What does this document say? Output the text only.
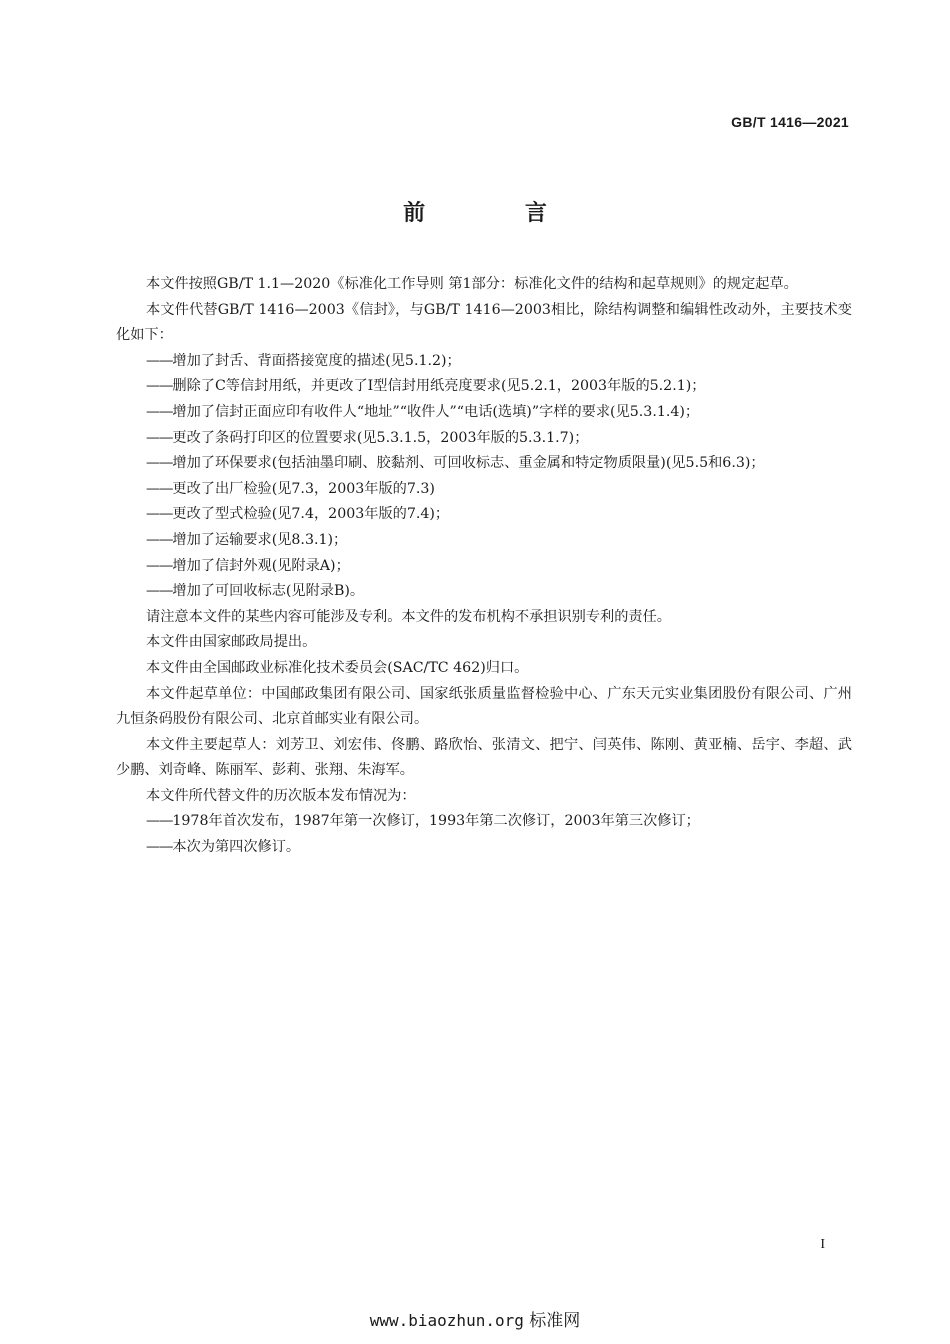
GB/T 1416—2021
前 言

本文件按照GB/T 1.1—2020《标准化工作导则 第1部分：标准化文件的结构和起草规则》的规定起草。

本文件代替GB/T 1416—2003《信封》，与GB/T 1416—2003相比，除结构调整和编辑性改动外，主要技术变化如下：

——增加了封舌、背面搭接宽度的描述(见5.1.2)；

——删除了C等信封用纸，并更改了Ⅰ型信封用纸亮度要求(见5.2.1，2003年版的5.2.1)；

——增加了信封正面应印有收件人“地址”“收件人”“电话(选填)”字样的要求(见5.3.1.4)；

——更改了条码打印区的位置要求(见5.3.1.5，2003年版的5.3.1.7)；

——增加了环保要求(包括油墨印刷、胶黏剂、可回收标志、重金属和特定物质限量)(见5.5和6.3)；

——更改了出厂检验(见7.3，2003年版的7.3)

——更改了型式检验(见7.4，2003年版的7.4)；

——增加了运输要求(见8.3.1)；

——增加了信封外观(见附录A)；

——增加了可回收标志(见附录B)。

请注意本文件的某些内容可能涉及专利。本文件的发布机构不承担识别专利的责任。

本文件由国家邮政局提出。

本文件由全国邮政业标准化技术委员会(SAC/TC 462)归口。

本文件起草单位：中国邮政集团有限公司、国家纸张质量监督检验中心、广东天元实业集团股份有限公司、广州九恒条码股份有限公司、北京首邮实业有限公司。

本文件主要起草人：刘芳卫、刘宏伟、佟鹏、路欣怡、张清文、把宁、闫英伟、陈刚、黄亚楠、岳宇、李超、武少鹏、刘奇峰、陈丽军、彭莉、张翔、朱海军。

本文件所代替文件的历次版本发布情况为：

——1978年首次发布，1987年第一次修订，1993年第二次修订，2003年第三次修订；

——本次为第四次修订。

I
www.biaozhun.org 标准网
